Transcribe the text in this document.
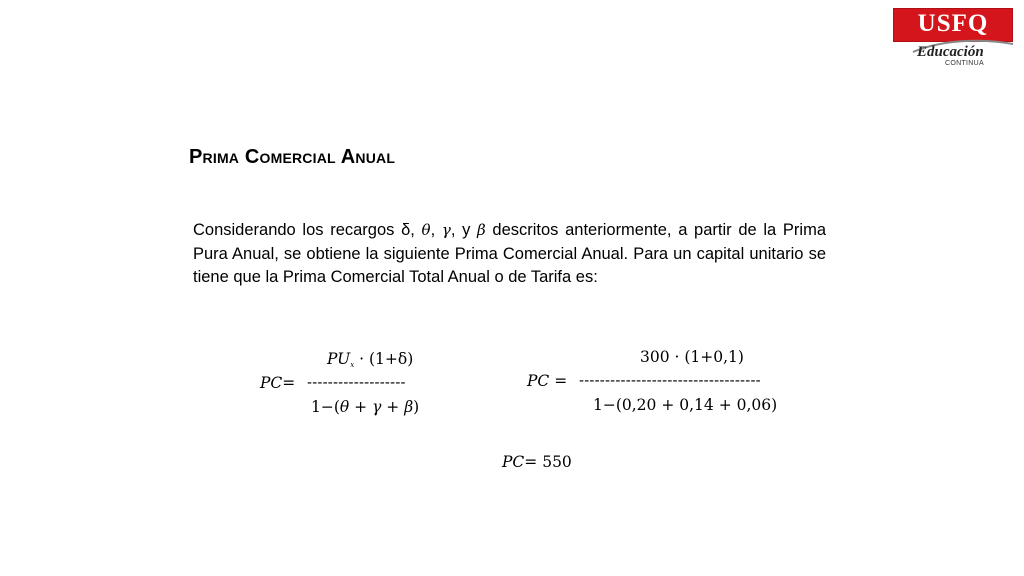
USFQ
Educación
CONTINUA
Prima Comercial Anual
Considerando los recargos δ, θ, γ, y β descritos anteriormente, a partir de la Prima Pura Anual, se obtiene la siguiente Prima Comercial Anual. Para un capital unitario se tiene que la Prima Comercial Total Anual o de Tarifa es:
$PU_x \cdot (1+\delta)$
PC= -------------------
1−(θ + γ + β)
300 · (1+0,1)
PC = -----------------------------------
1−(0,20 + 0,14 + 0,06)
PC= 550
